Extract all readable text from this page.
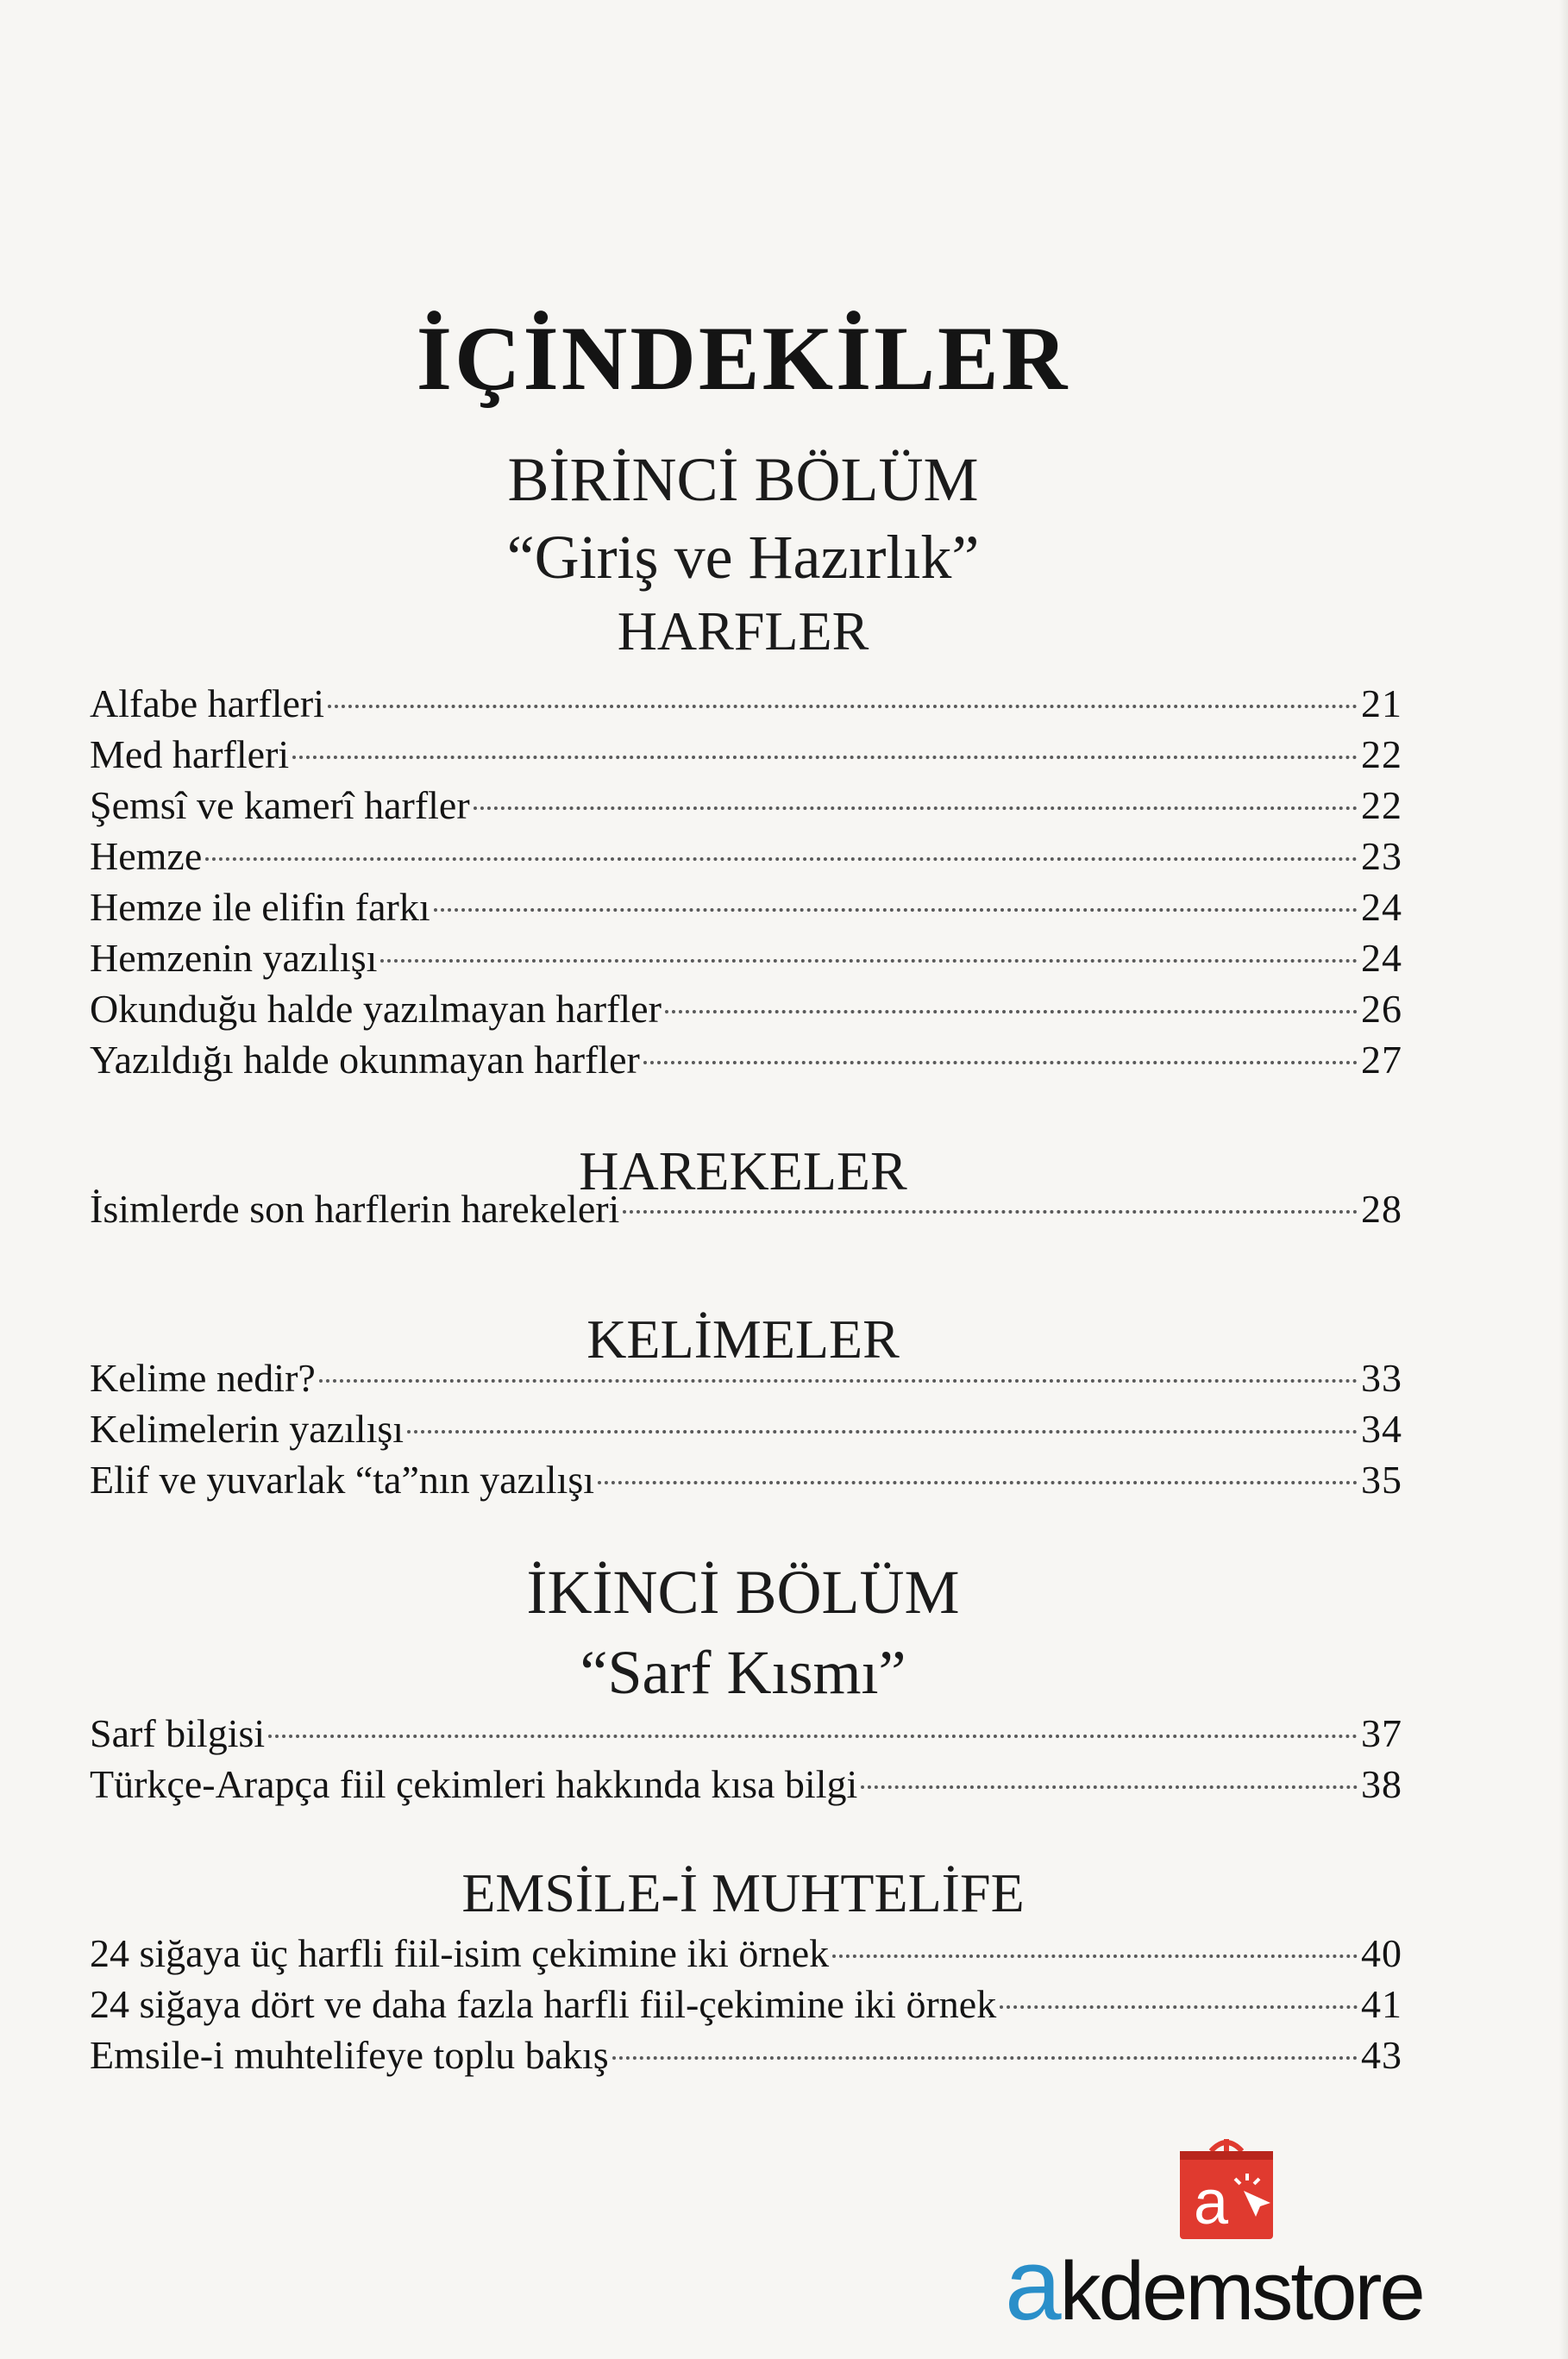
İÇİNDEKİLER
BİRİNCİ BÖLÜM
“Giriş ve Hazırlık”
HARFLER
Alfabe harfleri	21
Med harfleri	22
Şemsî ve kamerî harfler	22
Hemze	23
Hemze ile elifin farkı	24
Hemzenin yazılışı	24
Okunduğu halde yazılmayan harfler	26
Yazıldığı halde okunmayan harfler	27
HAREKELER
İsimlerde son harflerin harekeleri	28
KELİMELER
Kelime nedir?	33
Kelimelerin yazılışı	34
Elif ve yuvarlak “ta”nın yazılışı	35
İKİNCİ BÖLÜM
“Sarf Kısmı”
Sarf bilgisi	37
Türkçe-Arapça fiil çekimleri hakkında kısa bilgi	38
EMSİLE-İ MUHTELİFE
24 siğaya üç harfli fiil-isim çekimine iki örnek	40
24 siğaya dört ve daha fazla harfli fiil-çekimine iki örnek	41
Emsile-i muhtelifeye toplu bakış	43
a
akdemstore
